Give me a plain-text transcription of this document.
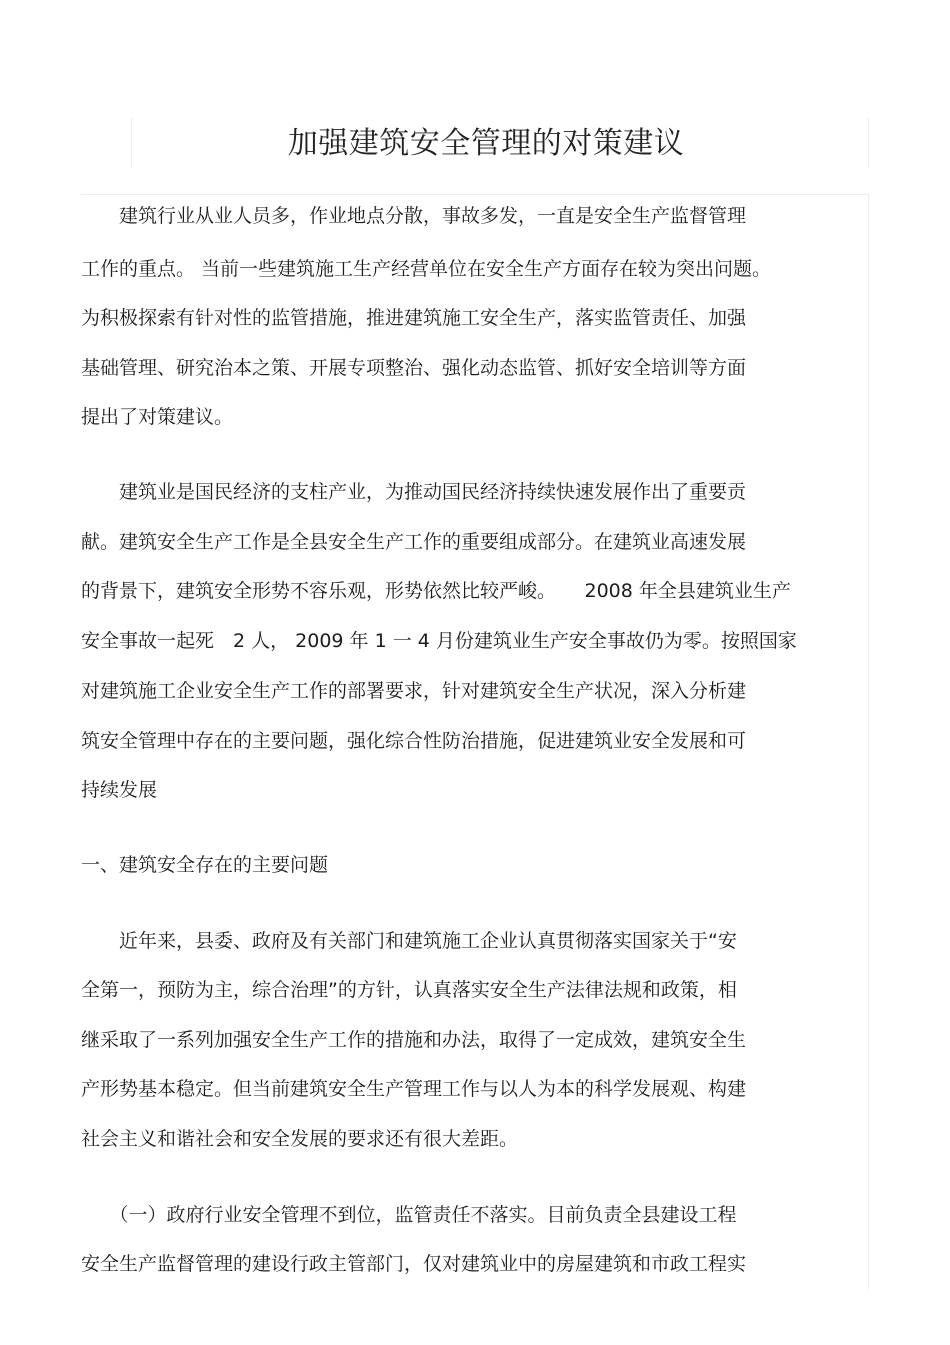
加强建筑安全管理的对策建议
　　建筑行业从业人员多，作业地点分散，事故多发，一直是安全生产监督管理
工作的重点。 当前一些建筑施工生产经营单位在安全生产方面存在较为突出问题。
为积极探索有针对性的监管措施，推进建筑施工安全生产，落实监管责任、加强
基础管理、研究治本之策、开展专项整治、强化动态监管、抓好安全培训等方面
提出了对策建议。
　　建筑业是国民经济的支柱产业，为推动国民经济持续快速发展作出了重要贡
献。建筑安全生产工作是全县安全生产工作的重要组成部分。在建筑业高速发展
的背景下，建筑安全形势不容乐观，形势依然比较严峻。　　2008 年全县建筑业生产
安全事故一起死　2 人， 2009 年 1 一 4 月份建筑业生产安全事故仍为零。按照国家
对建筑施工企业安全生产工作的部署要求，针对建筑安全生产状况，深入分析建
筑安全管理中存在的主要问题，强化综合性防治措施，促进建筑业安全发展和可
持续发展
一、建筑安全存在的主要问题
　　近年来，县委、政府及有关部门和建筑施工企业认真贯彻落实国家关于“安
全第一，预防为主，综合治理”的方针，认真落实安全生产法律法规和政策，相
继采取了一系列加强安全生产工作的措施和办法，取得了一定成效，建筑安全生
产形势基本稳定。但当前建筑安全生产管理工作与以人为本的科学发展观、构建
社会主义和谐社会和安全发展的要求还有很大差距。
　　（一）政府行业安全管理不到位，监管责任不落实。目前负责全县建设工程
安全生产监督管理的建设行政主管部门，仅对建筑业中的房屋建筑和市政工程实
